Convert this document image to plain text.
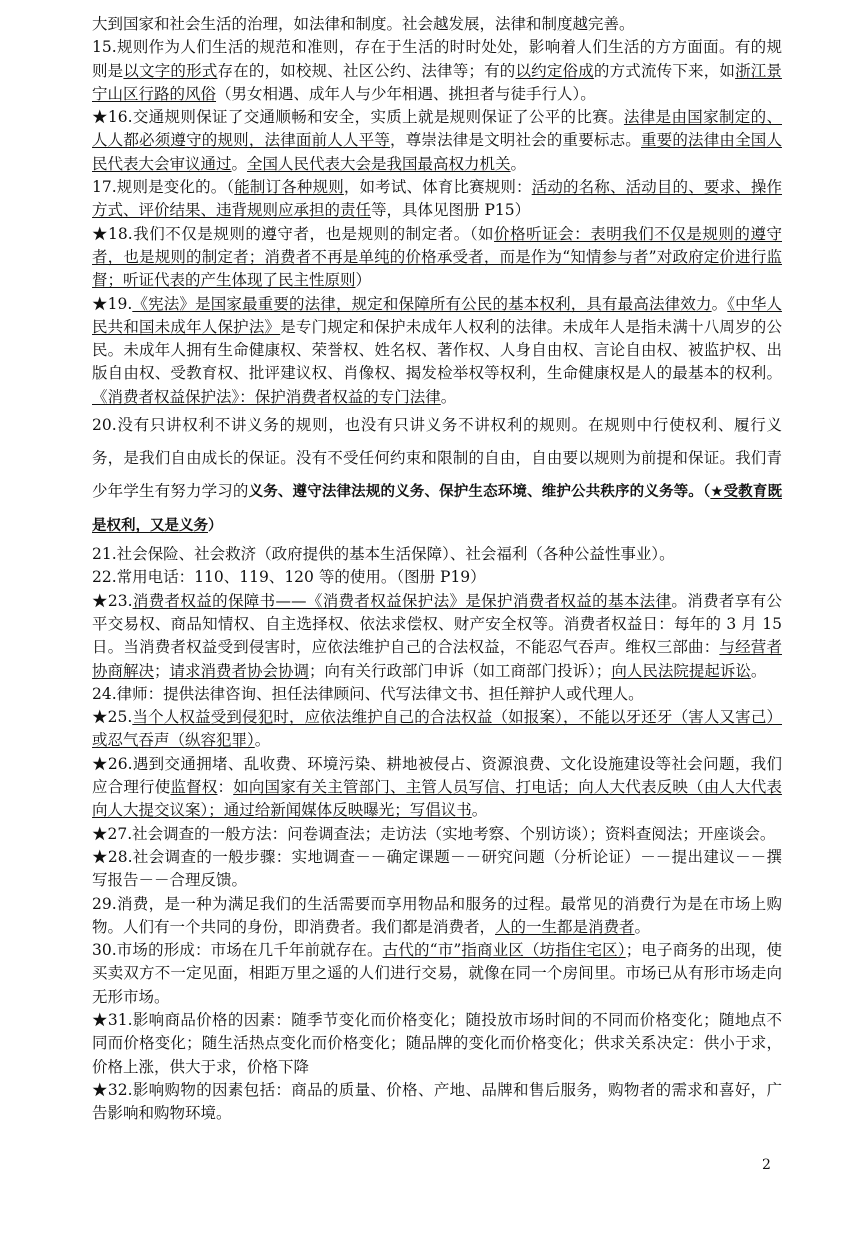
大到国家和社会生活的治理，如法律和制度。社会越发展，法律和制度越完善。

15.规则作为人们生活的规范和准则，存在于生活的时时处处，影响着人们生活的方方面面。有的规则是以文字的形式存在的，如校规、社区公约、法律等；有的以约定俗成的方式流传下来，如浙江景宁山区行路的风俗（男女相遇、成年人与少年相遇、挑担者与徒手行人）。

★16.交通规则保证了交通顺畅和安全，实质上就是规则保证了公平的比赛。法律是由国家制定的、人人都必须遵守的规则，法律面前人人平等，尊崇法律是文明社会的重要标志。重要的法律由全国人民代表大会审议通过。全国人民代表大会是我国最高权力机关。

17.规则是变化的。（能制订各种规则，如考试、体育比赛规则：活动的名称、活动目的、要求、操作方式、评价结果、违背规则应承担的责任等，具体见图册 P15）

★18.我们不仅是规则的遵守者，也是规则的制定者。（如价格听证会：表明我们不仅是规则的遵守者，也是规则的制定者；消费者不再是单纯的价格承受者，而是作为“知情参与者”对政府定价进行监督；听证代表的产生体现了民主性原则）

★19.《宪法》是国家最重要的法律，规定和保障所有公民的基本权利，具有最高法律效力。《中华人民共和国未成年人保护法》是专门规定和保护未成年人权利的法律。未成年人是指未满十八周岁的公民。未成年人拥有生命健康权、荣誉权、姓名权、著作权、人身自由权、言论自由权、被监护权、出版自由权、受教育权、批评建议权、肖像权、揭发检举权等权利，生命健康权是人的最基本的权利。《消费者权益保护法》：保护消费者权益的专门法律。

20.没有只讲权利不讲义务的规则，也没有只讲义务不讲权利的规则。在规则中行使权利、履行义务，是我们自由成长的保证。没有不受任何约束和限制的自由，自由要以规则为前提和保证。我们青少年学生有努力学习的义务、遵守法律法规的义务、保护生态环境、维护公共秩序的义务等。（★受教育既是权利，又是义务）

21.社会保险、社会救济（政府提供的基本生活保障）、社会福利（各种公益性事业）。

22.常用电话：110、119、120 等的使用。（图册 P19）

★23.消费者权益的保障书——《消费者权益保护法》是保护消费者权益的基本法律。消费者享有公平交易权、商品知情权、自主选择权、依法求偿权、财产安全权等。消费者权益日：每年的 3 月 15 日。当消费者权益受到侵害时，应依法维护自己的合法权益，不能忍气吞声。维权三部曲：与经营者协商解决；请求消费者协会协调；向有关行政部门申诉（如工商部门投诉）；向人民法院提起诉讼。

24.律师：提供法律咨询、担任法律顾问、代写法律文书、担任辩护人或代理人。

★25.当个人权益受到侵犯时，应依法维护自己的合法权益（如报案），不能以牙还牙（害人又害己）或忍气吞声（纵容犯罪）。

★26.遇到交通拥堵、乱收费、环境污染、耕地被侵占、资源浪费、文化设施建设等社会问题，我们应合理行使监督权：如向国家有关主管部门、主管人员写信、打电话；向人大代表反映（由人大代表向人大提交议案）；通过给新闻媒体反映曝光；写倡议书。

★27.社会调查的一般方法：问卷调查法；走访法（实地考察、个别访谈）；资料查阅法；开座谈会。

★28.社会调查的一般步骤：实地调查－－确定课题－－研究问题（分析论证）－－提出建议－－撰写报告－－合理反馈。

29.消费，是一种为满足我们的生活需要而享用物品和服务的过程。最常见的消费行为是在市场上购物。人们有一个共同的身份，即消费者。我们都是消费者，人的一生都是消费者。

30.市场的形成：市场在几千年前就存在。古代的“市”指商业区（坊指住宅区）；电子商务的出现，使买卖双方不一定见面，相距万里之遥的人们进行交易，就像在同一个房间里。市场已从有形市场走向无形市场。

★31.影响商品价格的因素：随季节变化而价格变化；随投放市场时间的不同而价格变化；随地点不同而价格变化；随生活热点变化而价格变化；随品牌的变化而价格变化；供求关系决定：供小于求，价格上涨，供大于求，价格下降

★32.影响购物的因素包括：商品的质量、价格、产地、品牌和售后服务，购物者的需求和喜好，广告影响和购物环境。

2
